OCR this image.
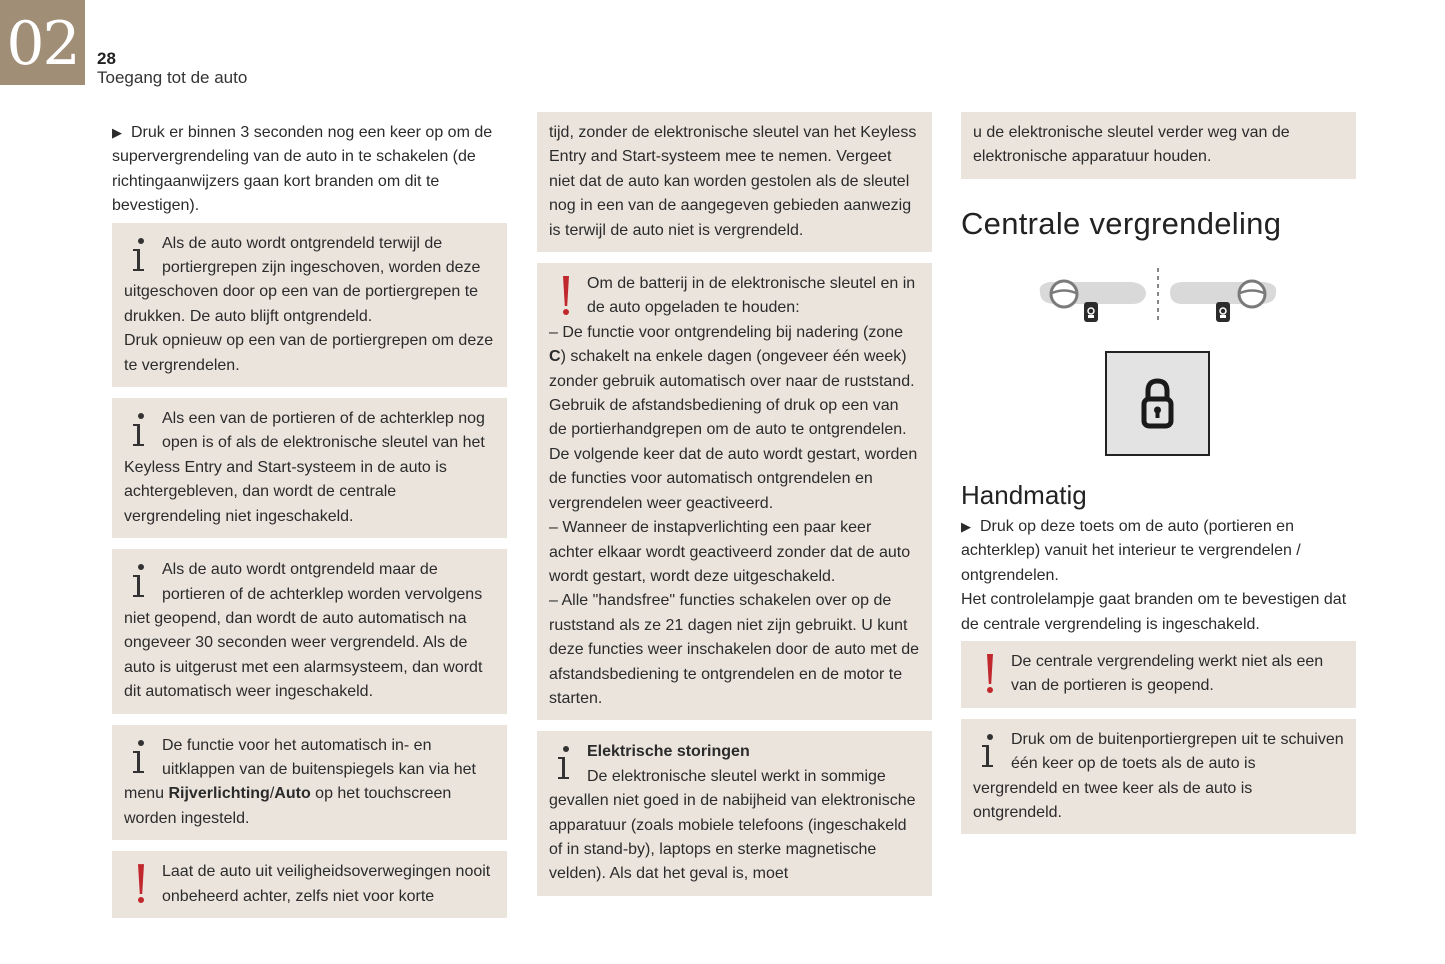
02	28
Toegang tot de auto

▶ Druk er binnen 3 seconden nog een keer op om de supervergrendeling van de auto in te schakelen (de richtingaanwijzers gaan kort branden om dit te bevestigen).

Als de auto wordt ontgrendeld terwijl de portiergrepen zijn ingeschoven, worden deze uitgeschoven door op een van de portiergrepen te drukken. De auto blijft ontgrendeld.

Druk opnieuw op een van de portiergrepen om deze te vergrendelen.

Als een van de portieren of de achterklep nog open is of als de elektronische sleutel van het Keyless Entry and Start-systeem in de auto is achtergebleven, dan wordt de centrale vergrendeling niet ingeschakeld.

Als de auto wordt ontgrendeld maar de portieren of de achterklep worden vervolgens niet geopend, dan wordt de auto automatisch na ongeveer 30 seconden weer vergrendeld. Als de auto is uitgerust met een alarmsysteem, dan wordt dit automatisch weer ingeschakeld.

De functie voor het automatisch in- en uitklappen van de buitenspiegels kan via het menu Rijverlichting/Auto op het touchscreen worden ingesteld.

Laat de auto uit veiligheidsoverwegingen nooit onbeheerd achter, zelfs niet voor korte

tijd, zonder de elektronische sleutel van het Keyless Entry and Start-systeem mee te nemen. Vergeet niet dat de auto kan worden gestolen als de sleutel nog in een van de aangegeven gebieden aanwezig is terwijl de auto niet is vergrendeld.

Om de batterij in de elektronische sleutel en in de auto opgeladen te houden:

– De functie voor ontgrendeling bij nadering (zone C) schakelt na enkele dagen (ongeveer één week) zonder gebruik automatisch over naar de ruststand. Gebruik de afstandsbediening of druk op een van de portierhandgrepen om de auto te ontgrendelen. De volgende keer dat de auto wordt gestart, worden de functies voor automatisch ontgrendelen en vergrendelen weer geactiveerd.

– Wanneer de instapverlichting een paar keer achter elkaar wordt geactiveerd zonder dat de auto wordt gestart, wordt deze uitgeschakeld.

– Alle "handsfree" functies schakelen over op de ruststand als ze 21 dagen niet zijn gebruikt. U kunt deze functies weer inschakelen door de auto met de afstandsbediening te ontgrendelen en de motor te starten.

Elektrische storingen

De elektronische sleutel werkt in sommige gevallen niet goed in de nabijheid van elektronische apparatuur (zoals mobiele telefoons (ingeschakeld of in stand-by), laptops en sterke magnetische velden). Als dat het geval is, moet

u de elektronische sleutel verder weg van de elektronische apparatuur houden.

Centrale vergrendeling
Handmatig

▶ Druk op deze toets om de auto (portieren en achterklep) vanuit het interieur te vergrendelen / ontgrendelen.

Het controlelampje gaat branden om te bevestigen dat de centrale vergrendeling is ingeschakeld.

De centrale vergrendeling werkt niet als een van de portieren is geopend.

Druk om de buitenportiergrepen uit te schuiven één keer op de toets als de auto is vergrendeld en twee keer als de auto is ontgrendeld.
